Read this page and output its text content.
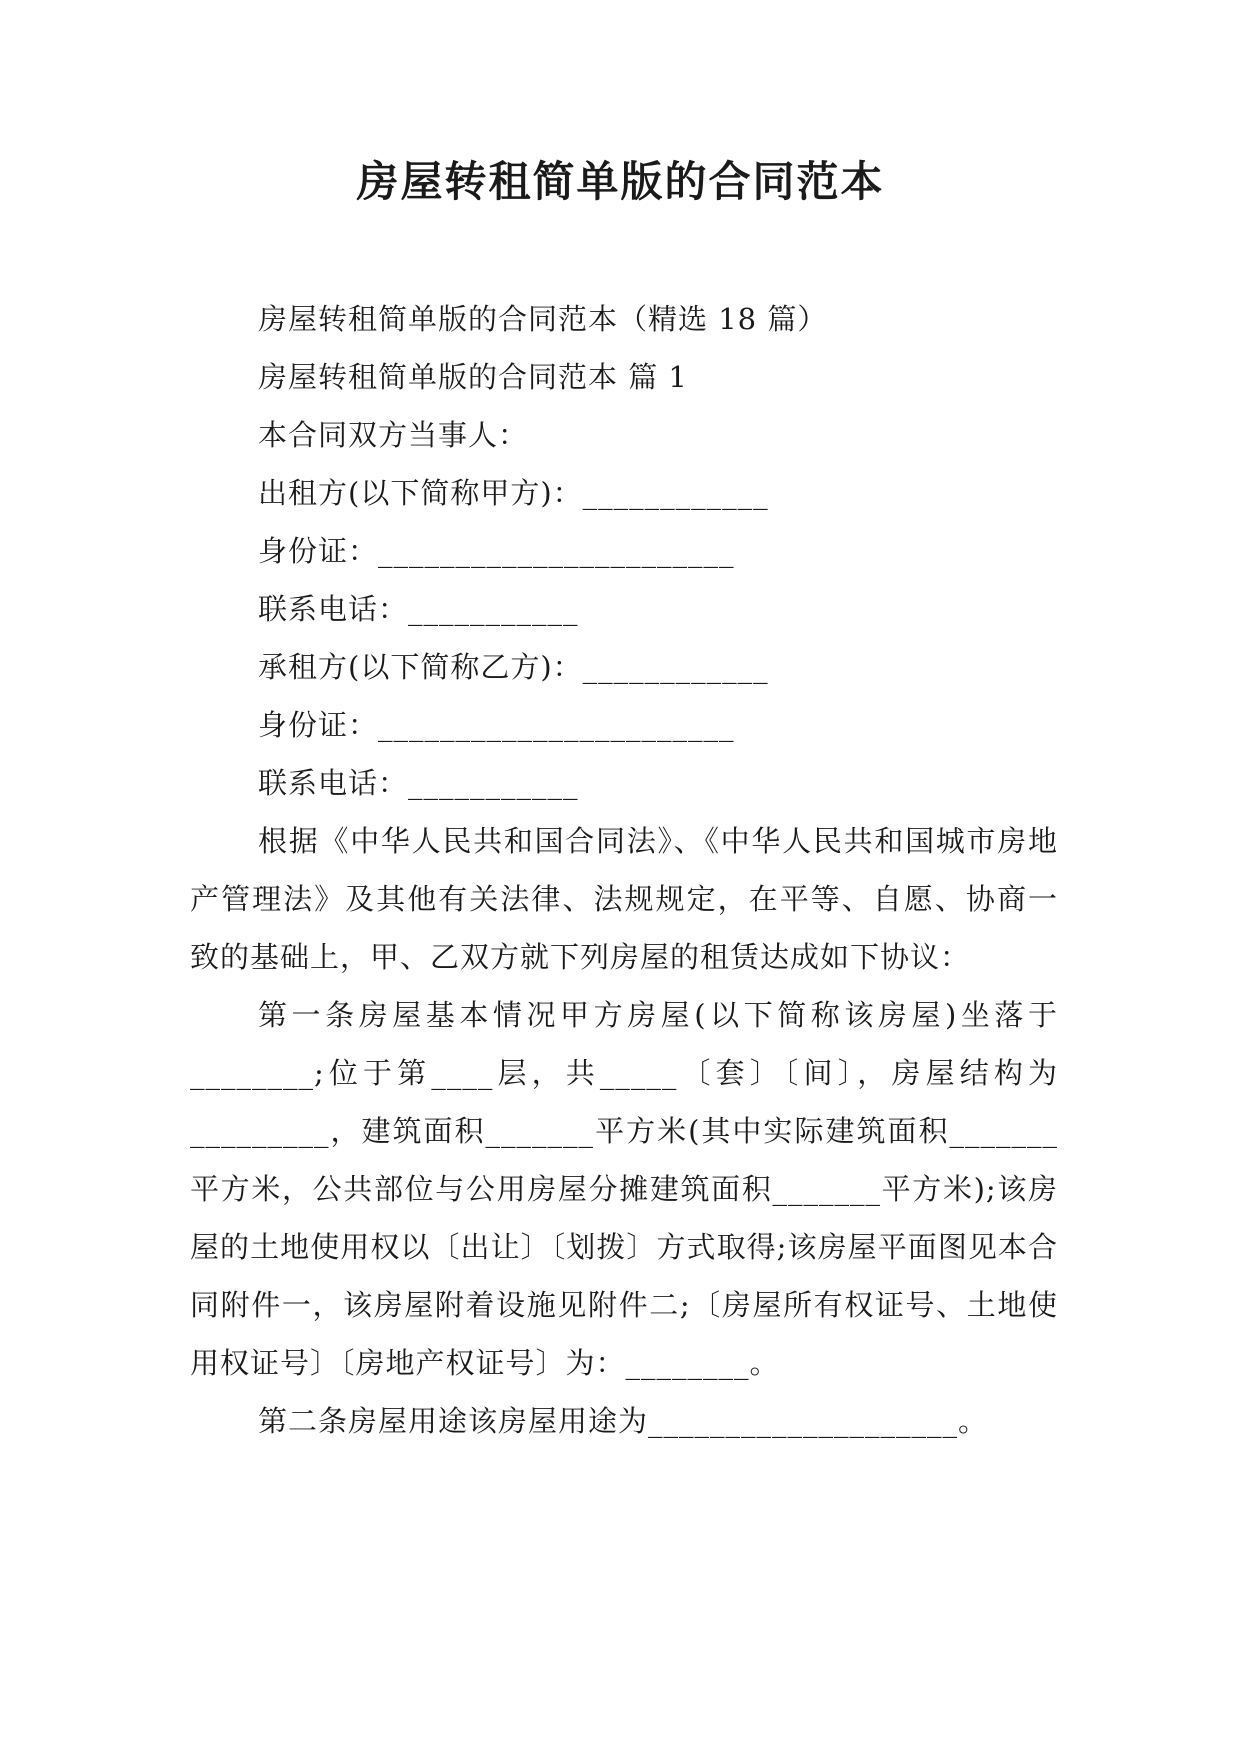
房屋转租简单版的合同范本

房屋转租简单版的合同范本（精选 18 篇）

房屋转租简单版的合同范本 篇 1

本合同双方当事人：

出租方(以下简称甲方)：____________

身份证：_______________________

联系电话：___________

承租方(以下简称乙方)：____________

身份证：_______________________

联系电话：___________

根据《中华人民共和国合同法》、《中华人民共和国城市房地产管理法》及其他有关法律、法规规定，在平等、自愿、协商一致的基础上，甲、乙双方就下列房屋的租赁达成如下协议：

第一条房屋基本情况甲方房屋(以下简称该房屋)坐落于________;位于第____层，共_____〔套〕〔间〕，房屋结构为_________，建筑面积_______平方米(其中实际建筑面积_______平方米，公共部位与公用房屋分摊建筑面积_______平方米);该房屋的土地使用权以〔出让〕〔划拨〕方式取得;该房屋平面图见本合同附件一，该房屋附着设施见附件二;〔房屋所有权证号、土地使用权证号〕〔房地产权证号〕为：________。

第二条房屋用途该房屋用途为____________________。
